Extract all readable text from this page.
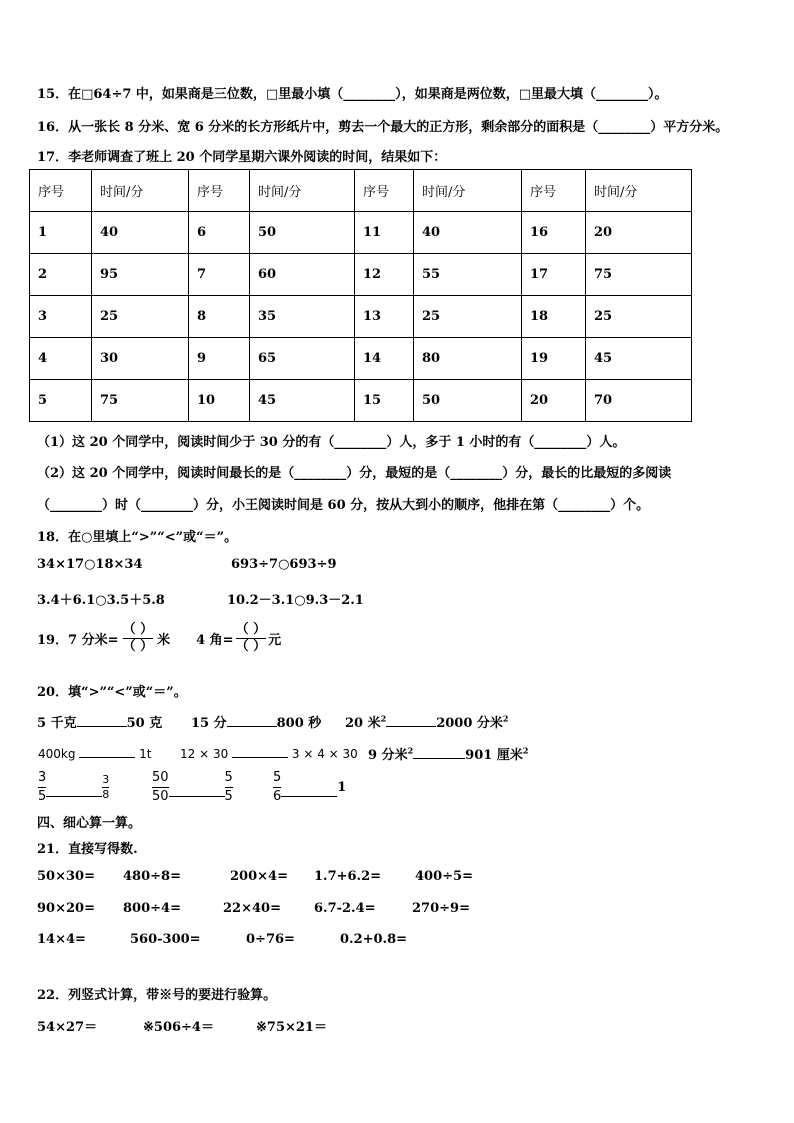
15．在□64÷7 中，如果商是三位数，□里最小填（________），如果商是两位数，□里最大填（________）。
16．从一张长 8 分米、宽 6 分米的长方形纸片中，剪去一个最大的正方形，剩余部分的面积是（________）平方分米。
17．李老师调查了班上 20 个同学星期六课外阅读的时间，结果如下：
序号	时间/分	序号	时间/分	序号	时间/分	序号	时间/分
1	40	6	50	11	40	16	20
2	95	7	60	12	55	17	75
3	25	8	35	13	25	18	25
4	30	9	65	14	80	19	45
5	75	10	45	15	50	20	70
（1）这 20 个同学中，阅读时间少于 30 分的有（________）人，多于 1 小时的有（________）人。
（2）这 20 个同学中，阅读时间最长的是（________）分，最短的是（________）分，最长的比最短的多阅读
（________）时（________）分，小王阅读时间是 60 分，按从大到小的顺序，他排在第（________）个。
18．在○里填上“>”“<”或“＝”。
34×17○18×34	693÷7○693÷9
3.4＋6.1○3.5＋5.8	10.2－3.1○9.3－2.1
19．7 分米= $\frac{( )}{( )}$ 米 4 角= $\frac{( )}{( )}$ 元
20．填“>”“<”或“＝”。
5 千克	50 克 15 分	800 秒 20 米$^2$	2000 分米$^2$
400kg	1t 12 × 30	3 × 4 × 30 9 分米$^2$	901 厘米$^2$
$\frac{3}{5}$	$\frac{3}{8}$	$\frac{50}{50}$	$\frac{5}{5}$	$\frac{5}{6}$	1
四、细心算一算。
21．直接写得数.
50×30= 480÷8=	200×4= 1.7+6.2=	400÷5=
90×20= 800÷4=	22×40=	6.7-2.4=	270÷9=
14×4=	560-300=	0÷76=	0.2+0.8=
22．列竖式计算，带※号的要进行验算。
54×27＝	※506÷4＝	※75×21＝
